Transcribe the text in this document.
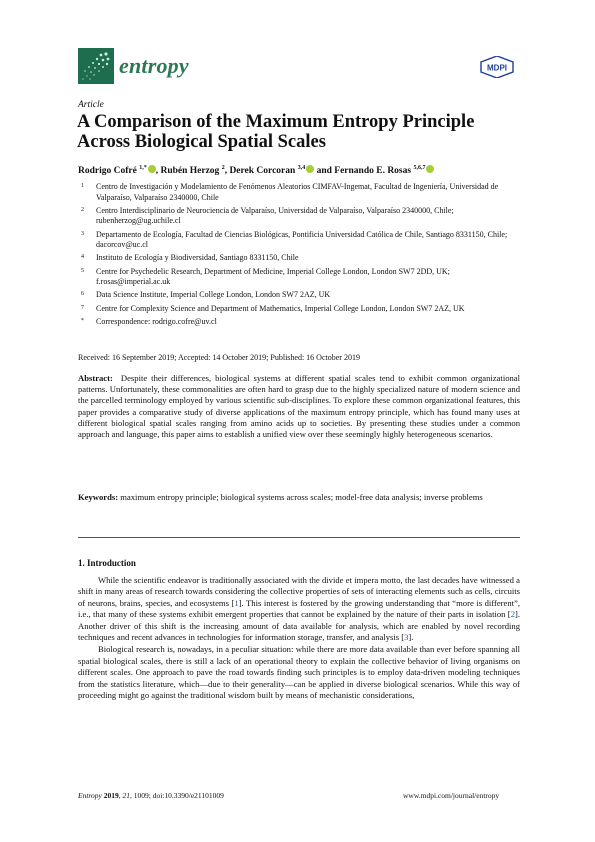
entropy	MDPI
Article
A Comparison of the Maximum Entropy Principle Across Biological Spatial Scales
Rodrigo Cofré $^{1,*}$ , Rubén Herzog $^2$, Derek Corcoran $^{3,4}$ and Fernando E. Rosas $^{5,6,7}$
1 Centro de Investigación y Modelamiento de Fenómenos Aleatorios CIMFAV-Ingemat, Facultad de Ingeniería, Universidad de Valparaíso, Valparaíso 2340000, Chile
2 Centro Interdisciplinario de Neurociencia de Valparaíso, Universidad de Valparaíso, Valparaíso 2340000, Chile; rubenherzog@ug.uchile.cl
3 Departamento de Ecología, Facultad de Ciencias Biológicas, Pontificia Universidad Católica de Chile, Santiago 8331150, Chile; dacorcov@uc.cl
4 Instituto de Ecología y Biodiversidad, Santiago 8331150, Chile
5 Centre for Psychedelic Research, Department of Medicine, Imperial College London, London SW7 2DD, UK; f.rosas@imperial.ac.uk
6 Data Science Institute, Imperial College London, London SW7 2AZ, UK
7 Centre for Complexity Science and Department of Mathematics, Imperial College London, London SW7 2AZ, UK
* Correspondence: rodrigo.cofre@uv.cl
Received: 16 September 2019; Accepted: 14 October 2019; Published: 16 October 2019

Abstract: Despite their differences, biological systems at different spatial scales tend to exhibit common organizational patterns. Unfortunately, these commonalities are often hard to grasp due to the highly specialized nature of modern science and the parcelled terminology employed by various scientific sub-disciplines. To explore these common organizational features, this paper provides a comparative study of diverse applications of the maximum entropy principle, which has found many uses at different biological spatial scales ranging from amino acids up to societies. By presenting these studies under a common approach and language, this paper aims to establish a unified view over these seemingly highly heterogeneous scenarios.

Keywords: maximum entropy principle; biological systems across scales; model-free data analysis; inverse problems

1. Introduction

While the scientific endeavor is traditionally associated with the divide et impera motto, the last decades have witnessed a shift in many areas of research towards considering the collective properties of sets of interacting elements such as cells, circuits of neurons, brains, species, and ecosystems [1]. This interest is fostered by the growing understanding that “more is different”, i.e., that many of these systems exhibit emergent properties that cannot be explained by the nature of their parts in isolation [2]. Another driver of this shift is the increasing amount of data available for analysis, which are enabled by novel recording techniques and recent advances in technologies for information storage, transfer, and analysis [3].

Biological research is, nowadays, in a peculiar situation: while there are more data available than ever before spanning all spatial biological scales, there is still a lack of an operational theory to explain the collective behavior of living organisms on different scales. One approach to pave the road towards finding such principles is to employ data-driven modeling techniques from the statistics literature, which—due to their generality—can be applied in diverse biological scenarios. While this way of proceeding might go against the traditional wisdom built by means of mechanistic considerations,

Entropy 2019, 21, 1009; doi:10.3390/e21101009	www.mdpi.com/journal/entropy
